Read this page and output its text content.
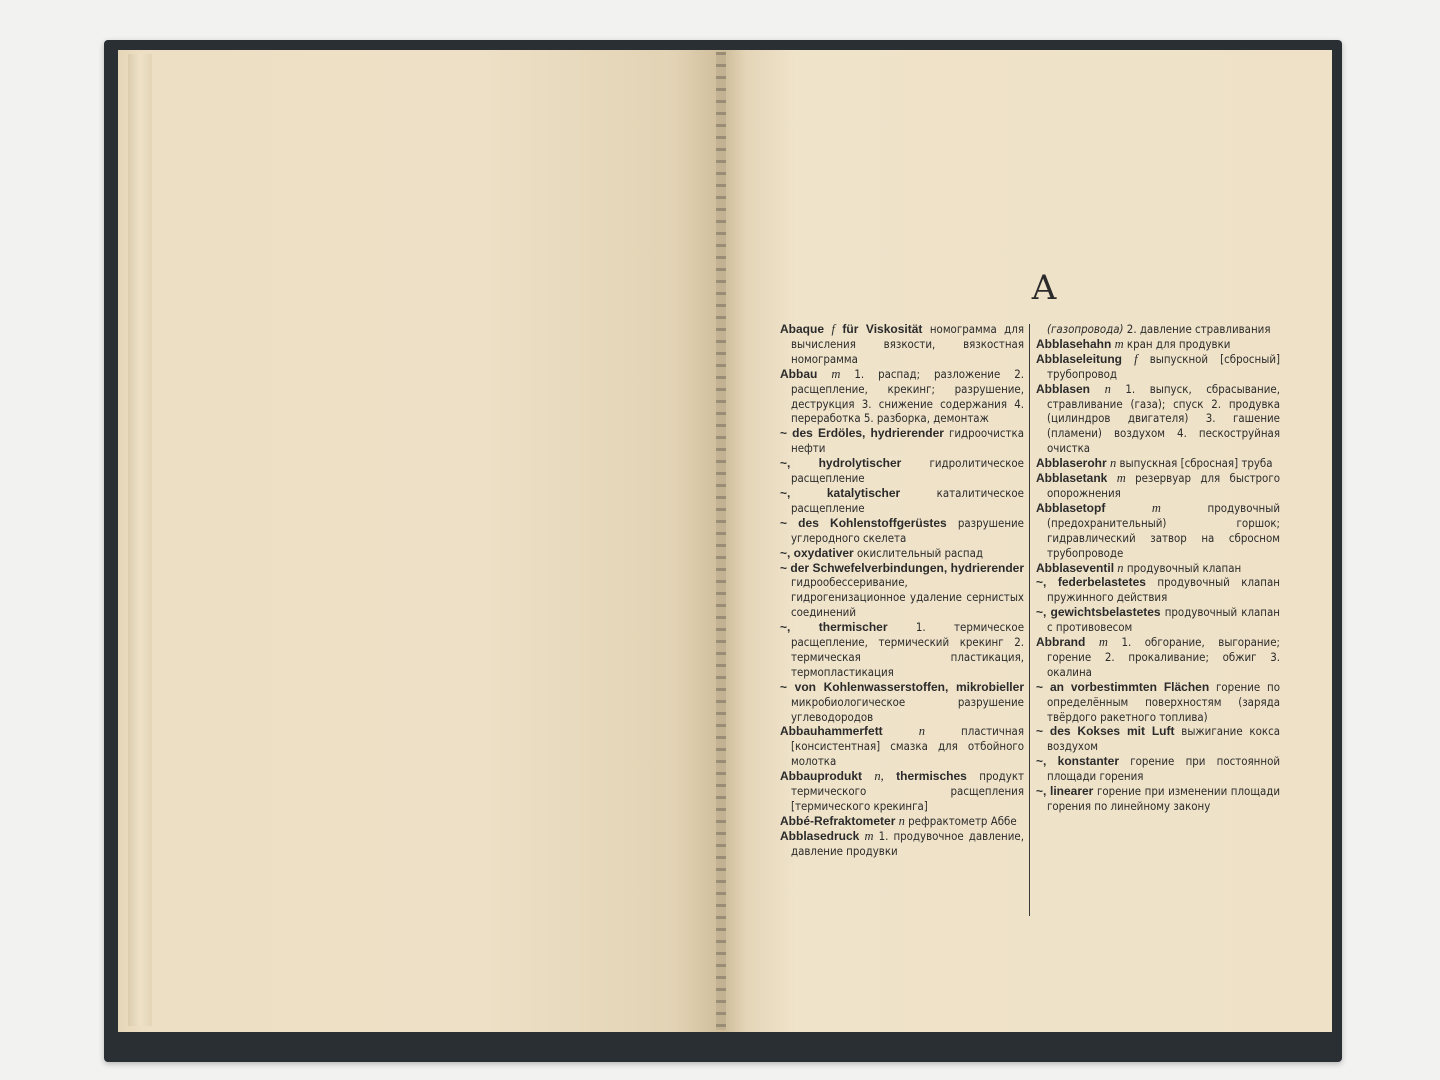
A
Abaque f für Viskosität номограмма для вычисления вязкости, вязкостная номограмма
Abbau m 1. распад; разложение 2. расщепление, крекинг; разрушение, деструкция 3. снижение содержания 4. переработка 5. разборка, демонтаж
~ des Erdöles, hydrierender гидроочистка нефти
~, hydrolytischer гидролитическое расщепление
~, katalytischer	каталитическое расщепление
~ des Kohlenstoffgerüstes разрушение углеродного скелета
~, oxydativer окислительный распад
~ der Schwefelverbindungen, hydrierender гидрообессеривание, гидрогенизационное удаление сернистых соединений
~, thermischer 1. термическое расщепление, термический крекинг 2. термическая пластикация, термопластикация
~ von Kohlenwasserstoffen, mikrobieller микробиологическое разрушение углеводородов
Abbauhammerfett	n	пластичная [консистентная] смазка для отбойного молотка
Abbauprodukt n, thermisches продукт термического расщепления [термического крекинга]
Abbé-Refraktometer n рефрактометр Аббе
Abblasedruck m 1. продувочное давление, давление продувки
(газопровода) 2. давление стравливания
Abblasehahn m кран для продувки
Abblaseleitung f выпускной [сбросный] трубопровод
Abblasen n 1. выпуск, сбрасывание, стравливание (газа); спуск 2. продувка (цилиндров двигателя) 3. гашение (пламени) воздухом 4. пескоструйная очистка
Abblaserohr n выпускная [сбросная] труба
Abblasetank m резервуар для быстрого опорожнения
Abblasetopf	m	продувочный (предохранительный) горшок; гидравлический затвор на сбросном трубопроводе
Abblaseventil n продувочный клапан
~, federbelastetes продувочный клапан пружинного действия
~, gewichtsbelastetes продувочный клапан с противовесом
Abbrand m 1. обгорание, выгорание; горение 2. прокаливание; обжиг 3. окалина
~ an vorbestimmten Flächen горение по определённым поверхностям (заряда твёрдого ракетного топлива)
~ des Kokses mit Luft выжигание кокса воздухом
~, konstanter горение при постоянной площади горения
~, linearer горение при изменении площади горения по линейному закону
